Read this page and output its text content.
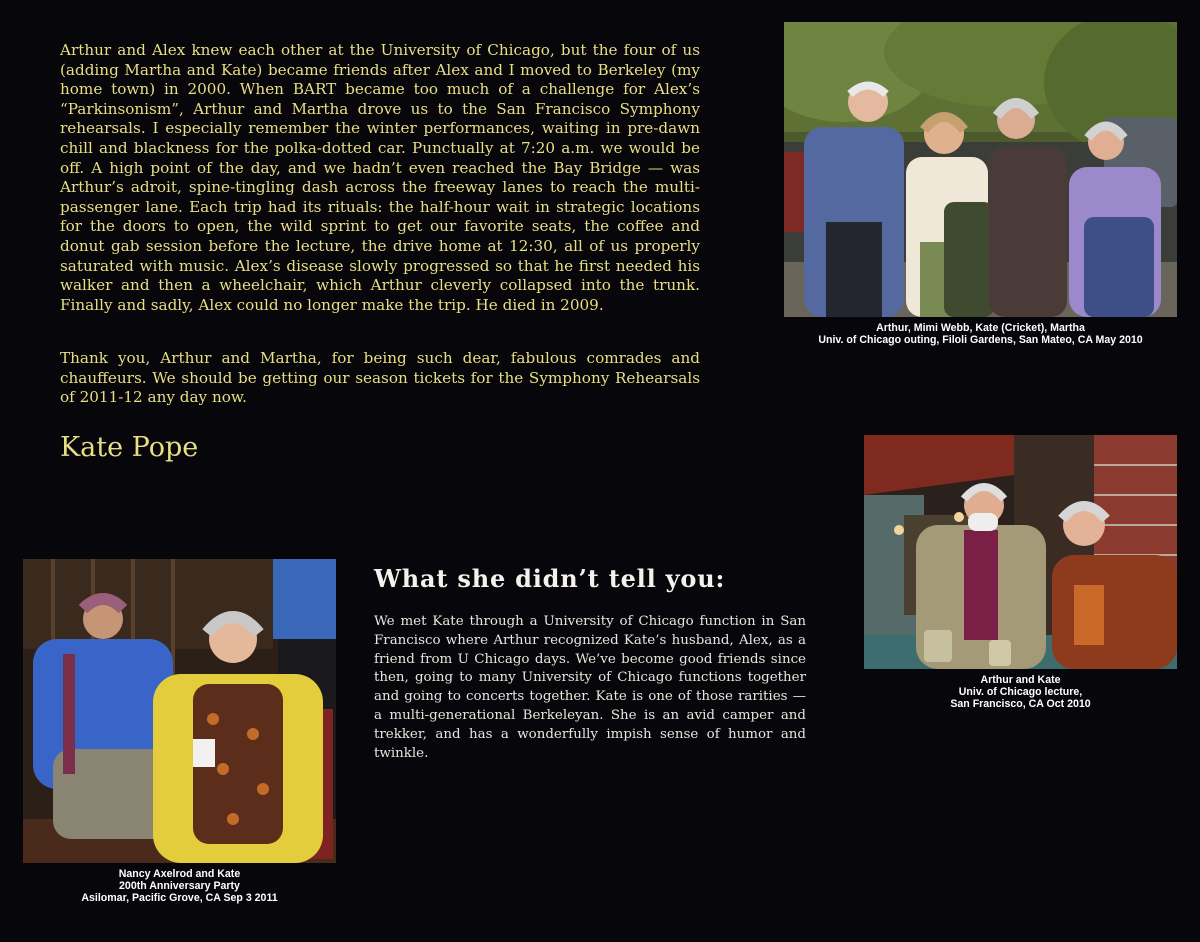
Arthur and Alex knew each other at the University of Chicago, but the four of us (adding Martha and Kate) became friends after Alex and I moved to Berkeley (my home town) in 2000. When BART became too much of a challenge for Alex’s “Parkinsonism”, Arthur and Martha drove us to the San Francisco Symphony rehearsals. I especially remember the winter performances, waiting in pre-dawn chill and blackness for the polka-dotted car. Punctually at 7:20 a.m. we would be off. A high point of the day, and we hadn’t even reached the Bay Bridge — was Arthur’s adroit, spine-tingling dash across the freeway lanes to reach the multi-passenger lane. Each trip had its rituals: the half-hour wait in strategic locations for the doors to open, the wild sprint to get our favorite seats, the coffee and donut gab session before the lecture, the drive home at 12:30, all of us properly saturated with music. Alex’s disease slowly progressed so that he first needed his walker and then a wheelchair, which Arthur cleverly collapsed into the trunk. Finally and sadly, Alex could no longer make the trip. He died in 2009.

Thank you, Arthur and Martha, for being such dear, fabulous comrades and chauffeurs. We should be getting our season tickets for the Symphony Rehearsals of 2011-12 any day now.

Kate Pope
Arthur, Mimi Webb, Kate (Cricket), Martha
Univ. of Chicago outing, Filoli Gardens, San Mateo, CA May 2010
Arthur and Kate
Univ. of Chicago lecture,
San Francisco, CA Oct 2010
Nancy Axelrod and Kate
200th Anniversary Party
Asilomar, Pacific Grove, CA Sep 3 2011
What she didn’t tell you:

We met Kate through a University of Chicago function in San Francisco where Arthur recognized Kate’s husband, Alex, as a friend from U Chicago days. We’ve become good friends since then, going to many University of Chicago functions together and going to concerts together. Kate is one of those rarities — a multi-generational Berkeleyan. She is an avid camper and trekker, and has a wonderfully impish sense of humor and twinkle.
